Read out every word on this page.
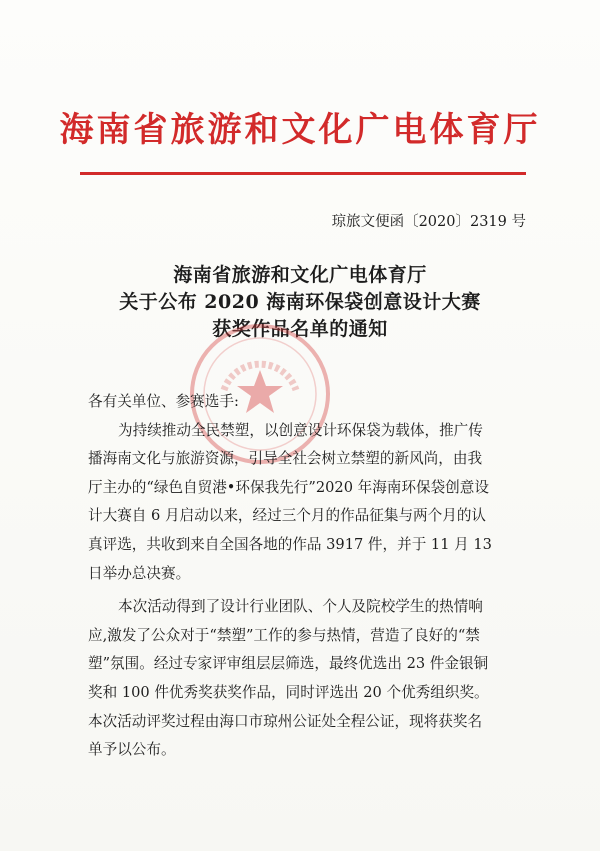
海南省旅游和文化广电体育厅
琼旅文便函〔2020〕2319 号
海南省旅游和文化广电体育厅
关于公布 2020 海南环保袋创意设计大赛
获奖作品名单的通知

各有关单位、参赛选手:

为持续推动全民禁塑，以创意设计环保袋为载体，推广传
播海南文化与旅游资源，引导全社会树立禁塑的新风尚，由我
厅主办的“绿色自贸港•环保我先行”2020 年海南环保袋创意设
计大赛自 6 月启动以来，经过三个月的作品征集与两个月的认
真评选，共收到来自全国各地的作品 3917 件，并于 11 月 13
日举办总决赛。

本次活动得到了设计行业团队、个人及院校学生的热情响
应,激发了公众对于“禁塑”工作的参与热情，营造了良好的“禁
塑”氛围。经过专家评审组层层筛选，最终优选出 23 件金银铜
奖和 100 件优秀奖获奖作品，同时评选出 20 个优秀组织奖。
本次活动评奖过程由海口市琼州公证处全程公证，现将获奖名
单予以公布。
